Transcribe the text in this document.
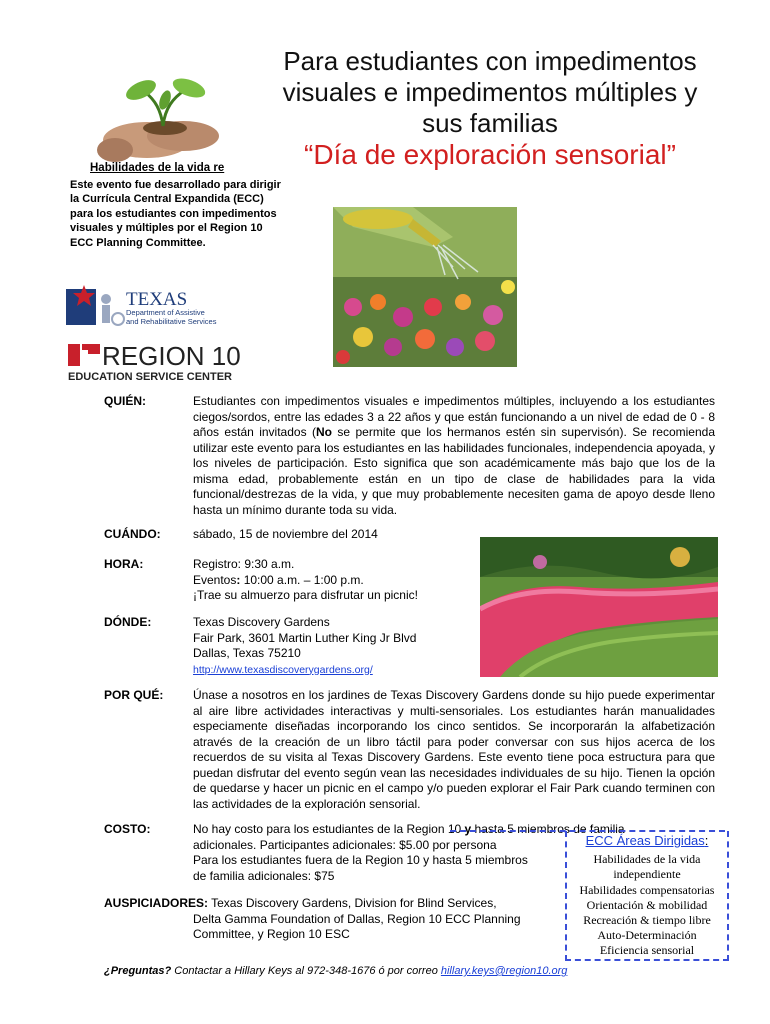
Para estudiantes con impedimentos
visuales e impedimentos múltiples y
sus familias
“Día de exploración sensorial”
Habilidades de la vida re
Este evento fue desarrollado para dirigir la Currícula Central Expandida (ECC) para los estudiantes con impedimentos visuales y múltiples por el Region 10 ECC Planning Committee.
TEXAS
Department of Assistive
and Rehabilitative Services
REGION 10
EDUCATION SERVICE CENTER
QUIÉN:	Estudiantes con impedimentos visuales e impedimentos múltiples, incluyendo a los estudiantes ciegos/sordos, entre las edades 3 a 22 años y que están funcionando a un nivel de edad de 0 - 8 años están invitados (No se permite que los hermanos estén sin supervisón). Se recomienda utilizar este evento para los estudiantes en las habilidades funcionales, independencia apoyada, y los niveles de participación. Esto significa que son académicamente más bajo que los de la misma edad, probablemente están en un tipo de clase de habilidades para la vida funcional/destrezas de la vida, y que muy probablemente necesiten gama de apoyo desde lleno hasta un mínimo durante toda su vida.
CUÁNDO:	sábado, 15 de noviembre del 2014
HORA:	Registro: 9:30 a.m.
Eventos: 10:00 a.m. – 1:00 p.m.
¡Trae su almuerzo para disfrutar un picnic!
DÓNDE:	Texas Discovery Gardens
Fair Park, 3601 Martin Luther King Jr Blvd
Dallas, Texas 75210
http://www.texasdiscoverygardens.org/
POR QUÉ: Únase a nosotros en los jardines de Texas Discovery Gardens donde su hijo puede experimentar al aire libre actividades interactivas y multi-sensoriales. Los estudiantes harán manualidades especiamente diseñadas incorporando los cinco sentidos. Se incorporarán la alfabetización através de la creación de un libro táctil para poder conversar con sus hijos acerca de los recuerdos de su visita al Texas Discovery Gardens. Este evento tiene poca estructura para que puedan disfrutar del evento según vean las necesidades individuales de su hijo. Tienen la opción de quedarse y hacer un picnic en el campo y/o pueden explorar el Fair Park cuando terminen con las actividades de la exploración sensorial.
COSTO:	No hay costo para los estudiantes de la Region 10 y hasta 5 miembros de familia
adicionales. Participantes adicionales: $5.00 por persona
Para los estudiantes fuera de la Region 10 y hasta 5 miembros
de familia adicionales: $75
AUSPICIADORES: Texas Discovery Gardens, Division for Blind Services,
Delta Gamma Foundation of Dallas, Region 10 ECC Planning
Committee, y Region 10 ESC
ECC Áreas Dirigidas:
Habilidades de la vida independiente
Habilidades compensatorias
Orientación & mobilidad
Recreación & tiempo libre
Auto-Determinación
Eficiencia sensorial
¿Preguntas? Contactar a Hillary Keys al 972-348-1676 ó por correo hillary.keys@region10.org
